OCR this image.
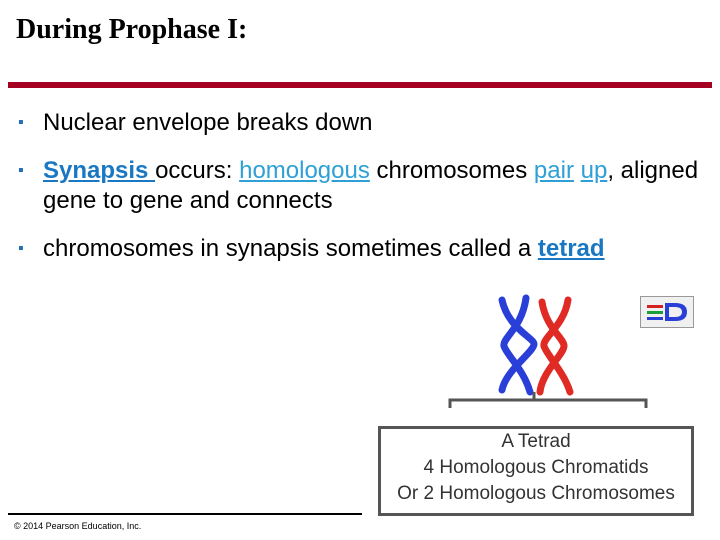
During Prophase I:
▪ Nuclear envelope breaks down
▪ Synapsis occurs: homologous chromosomes pair up, aligned gene to gene and connects
▪ chromosomes in synapsis sometimes called a tetrad
A Tetrad
4 Homologous Chromatids
Or 2 Homologous Chromosomes
© 2014 Pearson Education, Inc.
